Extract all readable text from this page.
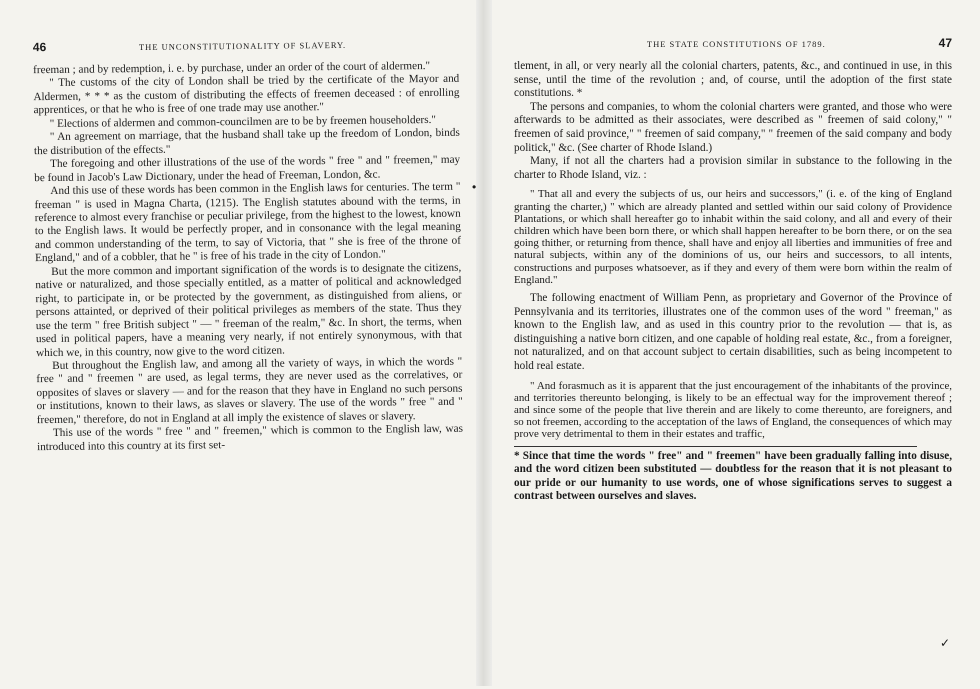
46	THE UNCONSTITUTIONALITY OF SLAVERY.

freeman ; and by redemption, i. e. by purchase, under an order of the court of aldermen."

" The customs of the city of London shall be tried by the certificate of the Mayor and Aldermen, * * * as the custom of distributing the effects of freemen deceased : of enrolling apprentices, or that he who is free of one trade may use another."

" Elections of aldermen and common-councilmen are to be by freemen householders."

" An agreement on marriage, that the husband shall take up the freedom of London, binds the distribution of the effects."

The foregoing and other illustrations of the use of the words " free " and " freemen," may be found in Jacob's Law Dictionary, under the head of Freeman, London, &c.

And this use of these words has been common in the English laws for centuries. The term " freeman " is used in Magna Charta, (1215). The English statutes abound with the terms, in reference to almost every franchise or peculiar privilege, from the highest to the lowest, known to the English laws. It would be perfectly proper, and in consonance with the legal meaning and common understanding of the term, to say of Victoria, that " she is free of the throne of England," and of a cobbler, that he " is free of his trade in the city of London."

But the more common and important signification of the words is to designate the citizens, native or naturalized, and those specially entitled, as a matter of political and acknowledged right, to participate in, or be protected by the government, as distinguished from aliens, or persons attainted, or deprived of their political privileges as members of the state. Thus they use the term " free British subject " — " freeman of the realm," &c. In short, the terms, when used in political papers, have a meaning very nearly, if not entirely synonymous, with that which we, in this country, now give to the word citizen.

But throughout the English law, and among all the variety of ways, in which the words " free " and " freemen " are used, as legal terms, they are never used as the correlatives, or opposites of slaves or slavery — and for the reason that they have in England no such persons or institutions, known to their laws, as slaves or slavery. The use of the words " free " and " freemen," therefore, do not in England at all imply the existence of slaves or slavery.

This use of the words " free " and " freemen," which is common to the English law, was introduced into this country at its first set-

THE STATE CONSTITUTIONS OF 1789.	47

tlement, in all, or very nearly all the colonial charters, patents, &c., and continued in use, in this sense, until the time of the revolution ; and, of course, until the adoption of the first state constitutions. *

The persons and companies, to whom the colonial charters were granted, and those who were afterwards to be admitted as their associates, were described as " freemen of said colony," " freemen of said province," " freemen of said company," " freemen of the said company and body politick," &c. (See charter of Rhode Island.)

Many, if not all the charters had a provision similar in substance to the following in the charter to Rhode Island, viz. :

" That all and every the subjects of us, our heirs and successors," (i. e. of the king of England granting the charter,) " which are already planted and settled within our said colony of Providence Plantations, or which shall hereafter go to inhabit within the said colony, and all and every of their children which have been born there, or which shall happen hereafter to be born there, or on the sea going thither, or returning from thence, shall have and enjoy all liberties and immunities of free and natural subjects, within any of the dominions of us, our heirs and successors, to all intents, constructions and purposes whatsoever, as if they and every of them were born within the realm of England."

The following enactment of William Penn, as proprietary and Governor of the Province of Pennsylvania and its territories, illustrates one of the common uses of the word " freeman," as known to the English law, and as used in this country prior to the revolution — that is, as distinguishing a native born citizen, and one capable of holding real estate, &c., from a foreigner, not naturalized, and on that account subject to certain disabilities, such as being incompetent to hold real estate.

" And forasmuch as it is apparent that the just encouragement of the inhabitants of the province, and territories thereunto belonging, is likely to be an effectual way for the improvement thereof ; and since some of the people that live therein and are likely to come thereunto, are foreigners, and so not freemen, according to the acceptation of the laws of England, the consequences of which may prove very detrimental to them in their estates and traffic,

* Since that time the words " free" and " freemen" have been gradually falling into disuse, and the word citizen been substituted — doubtless for the reason that it is not pleasant to our pride or our humanity to use words, one of whose significations serves to suggest a contrast between ourselves and slaves.

•
✓
